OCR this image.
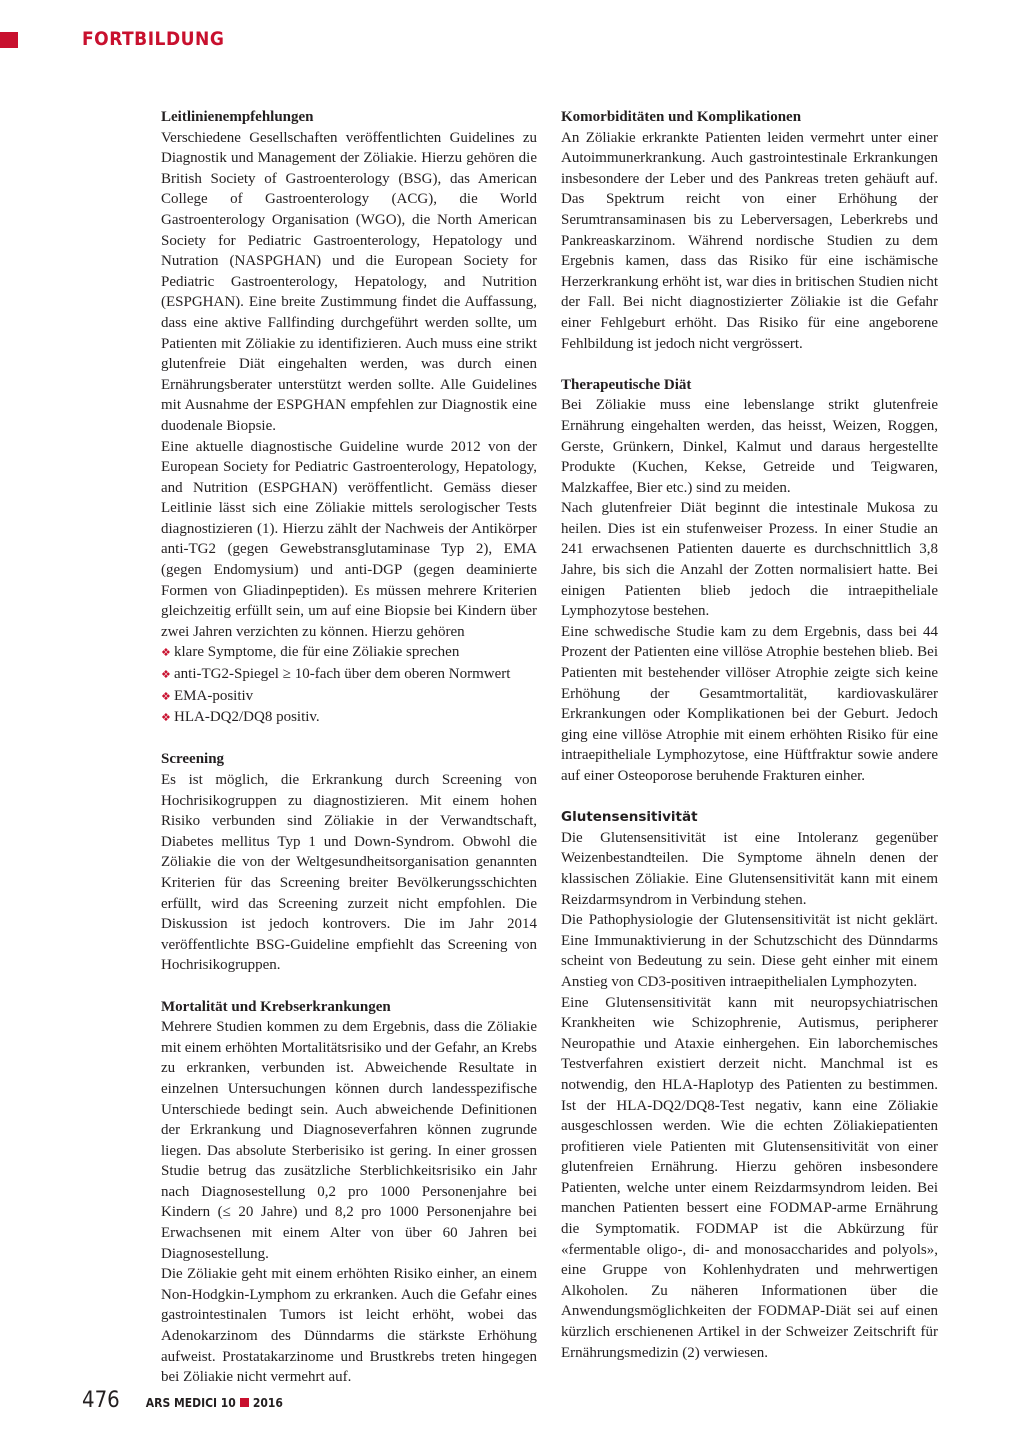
FORTBILDUNG
Leitlinienempfehlungen

Verschiedene Gesellschaften veröffentlichten Guidelines zu Diagnostik und Management der Zöliakie. Hierzu gehören die British Society of Gastroenterology (BSG), das American College of Gastroenterology (ACG), die World Gastroenterology Organisation (WGO), die North American Society for Pediatric Gastroenterology, Hepatology und Nutration (NASPGHAN) und die European Society for Pediatric Gastroenterology, Hepatology, and Nutrition (ESPGHAN). Eine breite Zustimmung findet die Auffassung, dass eine aktive Fallfinding durchgeführt werden sollte, um Patienten mit Zöliakie zu identifizieren. Auch muss eine strikt glutenfreie Diät eingehalten werden, was durch einen Ernährungsberater unterstützt werden sollte. Alle Guidelines mit Ausnahme der ESPGHAN empfehlen zur Diagnostik eine duodenale Biopsie.

Eine aktuelle diagnostische Guideline wurde 2012 von der European Society for Pediatric Gastroenterology, Hepatology, and Nutrition (ESPGHAN) veröffentlicht. Gemäss dieser Leitlinie lässt sich eine Zöliakie mittels serologischer Tests diagnostizieren (1). Hierzu zählt der Nachweis der Antikörper anti-TG2 (gegen Gewebstransglutaminase Typ 2), EMA (gegen Endomysium) und anti-DGP (gegen deaminierte Formen von Gliadinpeptiden). Es müssen mehrere Kriterien gleichzeitig erfüllt sein, um auf eine Biopsie bei Kindern über zwei Jahren verzichten zu können. Hierzu gehören

❖ klare Symptome, die für eine Zöliakie sprechen
❖ anti-TG2-Spiegel ≥ 10-fach über dem oberen Normwert
❖ EMA-positiv
❖ HLA-DQ2/DQ8 positiv.
Screening

Es ist möglich, die Erkrankung durch Screening von Hochrisikogruppen zu diagnostizieren. Mit einem hohen Risiko verbunden sind Zöliakie in der Verwandtschaft, Diabetes mellitus Typ 1 und Down-Syndrom. Obwohl die Zöliakie die von der Weltgesundheitsorganisation genannten Kriterien für das Screening breiter Bevölkerungsschichten erfüllt, wird das Screening zurzeit nicht empfohlen. Die Diskussion ist jedoch kontrovers. Die im Jahr 2014 veröffentlichte BSG-Guideline empfiehlt das Screening von Hochrisikogruppen.

Mortalität und Krebserkrankungen

Mehrere Studien kommen zu dem Ergebnis, dass die Zöliakie mit einem erhöhten Mortalitätsrisiko und der Gefahr, an Krebs zu erkranken, verbunden ist. Abweichende Resultate in einzelnen Untersuchungen können durch landesspezifische Unterschiede bedingt sein. Auch abweichende Definitionen der Erkrankung und Diagnoseverfahren können zugrunde liegen. Das absolute Sterberisiko ist gering. In einer grossen Studie betrug das zusätzliche Sterblichkeitsrisiko ein Jahr nach Diagnosestellung 0,2 pro 1000 Personenjahre bei Kindern (≤ 20 Jahre) und 8,2 pro 1000 Personenjahre bei Erwachsenen mit einem Alter von über 60 Jahren bei Diagnosestellung.

Die Zöliakie geht mit einem erhöhten Risiko einher, an einem Non-Hodgkin-Lymphom zu erkranken. Auch die Gefahr eines gastrointestinalen Tumors ist leicht erhöht, wobei das Adenokarzinom des Dünndarms die stärkste Erhöhung aufweist. Prostatakarzinome und Brustkrebs treten hingegen bei Zöliakie nicht vermehrt auf.

Komorbiditäten und Komplikationen

An Zöliakie erkrankte Patienten leiden vermehrt unter einer Autoimmunerkrankung. Auch gastrointestinale Erkrankungen insbesondere der Leber und des Pankreas treten gehäuft auf. Das Spektrum reicht von einer Erhöhung der Serumtransaminasen bis zu Leberversagen, Leberkrebs und Pankreaskarzinom. Während nordische Studien zu dem Ergebnis kamen, dass das Risiko für eine ischämische Herzerkrankung erhöht ist, war dies in britischen Studien nicht der Fall. Bei nicht diagnostizierter Zöliakie ist die Gefahr einer Fehlgeburt erhöht. Das Risiko für eine angeborene Fehlbildung ist jedoch nicht vergrössert.

Therapeutische Diät

Bei Zöliakie muss eine lebenslange strikt glutenfreie Ernährung eingehalten werden, das heisst, Weizen, Roggen, Gerste, Grünkern, Dinkel, Kalmut und daraus hergestellte Produkte (Kuchen, Kekse, Getreide und Teigwaren, Malzkaffee, Bier etc.) sind zu meiden.

Nach glutenfreier Diät beginnt die intestinale Mukosa zu heilen. Dies ist ein stufenweiser Prozess. In einer Studie an 241 erwachsenen Patienten dauerte es durchschnittlich 3,8 Jahre, bis sich die Anzahl der Zotten normalisiert hatte. Bei einigen Patienten blieb jedoch die intraepitheliale Lymphozytose bestehen.

Eine schwedische Studie kam zu dem Ergebnis, dass bei 44 Prozent der Patienten eine villöse Atrophie bestehen blieb. Bei Patienten mit bestehender villöser Atrophie zeigte sich keine Erhöhung der Gesamtmortalität, kardiovaskulärer Erkrankungen oder Komplikationen bei der Geburt. Jedoch ging eine villöse Atrophie mit einem erhöhten Risiko für eine intraepitheliale Lymphozytose, eine Hüftfraktur sowie andere auf einer Osteoporose beruhende Frakturen einher.

Glutensensitivität

Die Glutensensitivität ist eine Intoleranz gegenüber Weizenbestandteilen. Die Symptome ähneln denen der klassischen Zöliakie. Eine Glutensensitivität kann mit einem Reizdarmsyndrom in Verbindung stehen.

Die Pathophysiologie der Glutensensitivität ist nicht geklärt. Eine Immunaktivierung in der Schutzschicht des Dünndarms scheint von Bedeutung zu sein. Diese geht einher mit einem Anstieg von CD3-positiven intraepithelialen Lymphozyten.

Eine Glutensensitivität kann mit neuropsychiatrischen Krankheiten wie Schizophrenie, Autismus, peripherer Neuropathie und Ataxie einhergehen. Ein laborchemisches Testverfahren existiert derzeit nicht. Manchmal ist es notwendig, den HLA-Haplotyp des Patienten zu bestimmen. Ist der HLA-DQ2/DQ8-Test negativ, kann eine Zöliakie ausgeschlossen werden. Wie die echten Zöliakiepatienten profitieren viele Patienten mit Glutensensitivität von einer glutenfreien Ernährung. Hierzu gehören insbesondere Patienten, welche unter einem Reizdarmsyndrom leiden. Bei manchen Patienten bessert eine FODMAP-arme Ernährung die Symptomatik. FODMAP ist die Abkürzung für «fermentable oligo-, di- and monosaccharides and polyols», eine Gruppe von Kohlenhydraten und mehrwertigen Alkoholen. Zu näheren Informationen über die Anwendungsmöglichkeiten der FODMAP-Diät sei auf einen kürzlich erschienenen Artikel in der Schweizer Zeitschrift für Ernährungsmedizin (2) verwiesen.

476 ARS MEDICI 10 2016
